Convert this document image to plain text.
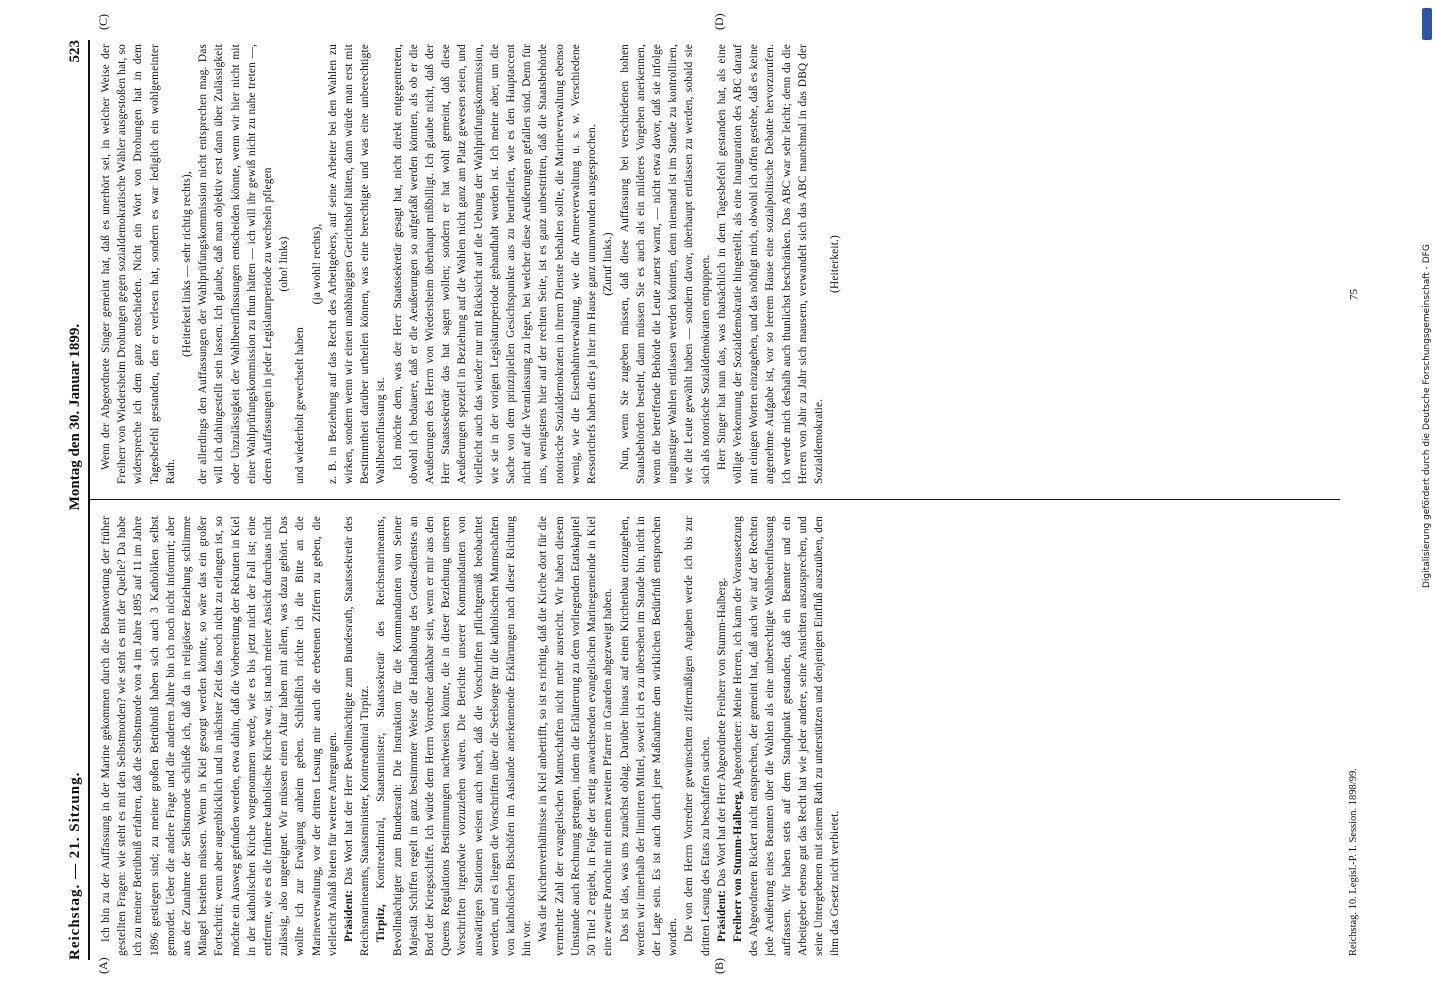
Reichstag. — 21. Sitzung.
Montag den 30. Januar 1899.
523
(A)	(B)
(C)	(D)

Ich bin zu der Auffassung in der Marine gekommen durch die Beantwortung der früher gestellten Fragen: wie steht es mit den Selbstmorden? wie steht es mit der Quelle? Da habe ich zu meiner Betrübniß erfahren, daß die Selbstmorde von 4 im Jahre 1895 auf 11 im Jahre 1896 gestiegen sind; zu meiner großen Betrübniß haben sich auch 3 Katholiken selbst gemordet. Ueber die andere Frage und die anderen Jahre bin ich noch nicht informirt; aber aus der Zunahme der Selbstmorde schließe ich, daß da in religiöser Beziehung schlimme Mängel bestehen müssen. Wenn in Kiel gesorgt werden könnte, so wäre das ein großer Fortschritt; wenn aber augenblicklich und in nächster Zeit das noch nicht zu erlangen ist, so möchte ein Ausweg gefunden werden, etwa dahin, daß die Vorbereitung der Rekruten in Kiel in der katholischen Kirche vorgenommen werde, wie es bis jetzt nicht der Fall ist; eine entfernte, wie es die frühere katholische Kirche war, ist nach meiner Ansicht durchaus nicht zulässig, also ungeeignet. Wir müssen einen Altar haben mit allem, was dazu gehört. Das wollte ich zur Erwägung anheim geben. Schließlich richte ich die Bitte an die Marineverwaltung, vor der dritten Lesung mir auch die erbetenen Ziffern zu geben, die vielleicht Anlaß bieten für weitere Anregungen. Präsident: Das Wort hat der Herr Bevollmächtigte zum Bundesrath, Staatssekretär des Reichsmarineamts, Staatsminister, Kontreadmiral Tirpitz. Tirpitz, Kontreadmiral, Staatsminister, Staatssekretär des Reichsmarineamts, Bevollmächtigter zum Bundesrath: Die Instruktion für die Kommandanten von Seiner Majestät Schiffen regelt in ganz bestimmter Weise die Handhabung des Gottesdienstes an Bord der Kriegsschiffe. Ich würde dem Herrn Vorredner dankbar sein, wenn er mir aus den Queens Regulations Bestimmungen nachweisen könnte, die in dieser Beziehung unseren Vorschriften irgendwie vorzuziehen wären. Die Berichte unserer Kommandanten von auswärtigen Stationen weisen auch nach, daß die Vorschriften pflichtgemäß beobachtet werden, und es liegen die Vorschriften über die Seelsorge für die katholischen Mannschaften von katholischen Bischöfen im Auslande anerkennende Erklärungen nach dieser Richtung hin vor. Was die Kirchenverhältnisse in Kiel anbetrifft, so ist es richtig, daß die Kirche dort für die vermehrte Zahl der evangelischen Mannschaften nicht mehr ausreicht. Wir haben diesem Umstande auch Rechnung getragen, indem die Erläuterung zu dem vorliegenden Etatskapitel 50 Titel 2 ergiebt, in Folge der stetig anwachsenden evangelischen Marinegemeinde in Kiel eine zweite Parochie mit einem zweiten Pfarrer in Gaarden abgezweigt haben. Das ist das, was uns zunächst oblag. Darüber hinaus auf einen Kirchenbau einzugehen, werden wir innerhalb der limitirten Mittel, soweit ich es zu übersehen im Stande bin, nicht in der Lage sein. Es ist auch durch jene Maßnahme dem wirklichen Bedürfniß entsprochen worden. Die von dem Herrn Vorredner gewünschten ziffermäßigen Angaben werde ich bis zur dritten Lesung des Etats zu beschaffen suchen. Präsident: Das Wort hat der Herr Abgeordnete Freiherr von Stumm-Halberg. Freiherr von Stumm-Halberg, Abgeordneter: Meine Herren, ich kann der Voraussetzung des Abgeordneten Rickert nicht entsprechen, der gemeint hat, daß auch wir auf der Rechten jede Aeußerung eines Beamten über die Wahlen als eine unberechtigte Wahlbeeinflussung auffassen. Wir haben stets auf dem Standpunkt gestanden, daß ein Beamter und ein Arbeitgeber ebenso gut das Recht hat wie jeder andere, seine Ansichten auszusprechen, und seine Untergebenen mit seinem Rath zu unterstützen und denjenigen Einfluß auszuüben, den ihm das Gesetz nicht verbietet.

Wenn der Abgeordnete Singer gemeint hat, daß es unerhört sei, in welcher Weise der Freiherr von Wiedersheim Drohungen gegen sozialdemokratische Wähler ausgestoßen hat, so widerspreche ich dem ganz entschieden. Nicht ein Wort von Drohungen hat in dem Tagesbefehl gestanden, den er verlesen hat, sondern es war lediglich ein wohlgemeinter Rath.

(Heiterkeit links — sehr richtig rechts), der allerdings den Auffassungen der Wahlprüfungskommission nicht entsprechen mag. Das will ich dahingestellt sein lassen. Ich glaube, daß man objektiv erst dann über Zulässigkeit oder Unzulässigkeit der Wahlbeeinflussungen entscheiden könnte, wenn wir hier nicht mit einer Wahlprüfungskommission zu thun hätten — ich will ihr gewiß nicht zu nahe treten —, deren Auffassungen in jeder Legislaturperiode zu wechseln pflegen (oho! links)

und wiederholt gewechselt haben

(ja wohl! rechts), z. B. in Beziehung auf das Recht des Arbeitgebers, auf seine Arbeiter bei den Wahlen zu wirken, sondern wenn wir einen unabhängigen Gerichtshof hätten, dann würde man erst mit Bestimmtheit darüber urtheilen können, was eine berechtigte und was eine unberechtigte Wahlbeeinflussung ist. Ich möchte dem, was der Herr Staatssekretär gesagt hat, nicht direkt entgegentreten, obwohl ich bedauere, daß er die Aeußerungen so aufgefaßt werden könnten, als ob er die Aeußerungen des Herrn von Wiedersheim überhaupt mißbilligt. Ich glaube nicht, daß der Herr Staatssekretär das hat sagen wollen; sondern er hat wohl gemeint, daß diese Aeußerungen speziell in Beziehung auf die Wahlen nicht ganz am Platz gewesen seien, und vielleicht auch das wieder nur mit Rücksicht auf die Uebung der Wahlprüfungskommission, wie sie in der vorigen Legislaturperiode gehandhabt worden ist. Ich meine aber, um die Sache von dem prinzipiellen Gesichtspunkte aus zu beurtheilen, wie es den Hauptaccent nicht auf die Veranlassung zu legen, bei welcher diese Aeußerungen gefallen sind. Denn für uns, wenigstens hier auf der rechten Seite, ist es ganz unbestritten, daß die Staatsbehörde notorische Sozialdemokraten in ihrem Dienste behalten sollte, die Marineverwaltung ebenso wenig, wie die Eisenbahnverwaltung, wie die Armeeverwaltung u. s. w. Verschiedene Ressortchefs haben dies ja hier im Hause ganz unumwunden ausgesprochen. (Zuruf links.) Nun, wenn Sie zugeben müssen, daß diese Auffassung bei verschiedenen hohen Staatsbehörden besteht, dann müssen Sie es auch als ein milderes Vorgehen anerkennen, wenn die betreffende Behörde die Leute zuerst warnt, — nicht etwa davor, daß sie infolge ungünstiger Wahlen entlassen werden könnten, denn niemand ist im Stande zu kontrolliren, wie die Leute gewählt haben — sondern davor, überhaupt entlassen zu werden, sobald sie sich als notorische Sozialdemokraten entpuppen. Herr Singer hat nun das, was thatsächlich in dem Tagesbefehl gestanden hat, als eine völlige Verkennung der Sozialdemokratie hingestellt, als eine Inauguration des ABC darauf mit einigen Worten einzugehen, und das nöthigt mich, obwohl ich offen gestehe, daß es keine angenehme Aufgabe ist, vor so leerem Hause eine sozialpolitische Debatte hervorzurufen. Ich werde mich deshalb auch thunlichst beschränken. Das ABC war sehr leicht; denn da die Herren von Jahr zu Jahr sich mausern, verwandelt sich das ABC manchmal in das DBQ der Sozialdemokratie.

(Heiterkeit.)

Reichstag. 10. Legisl.-P. I. Session. 1898/99.
75	Digitalisierung gefördert durch die Deutsche Forschungsgemeinschaft - DFG
